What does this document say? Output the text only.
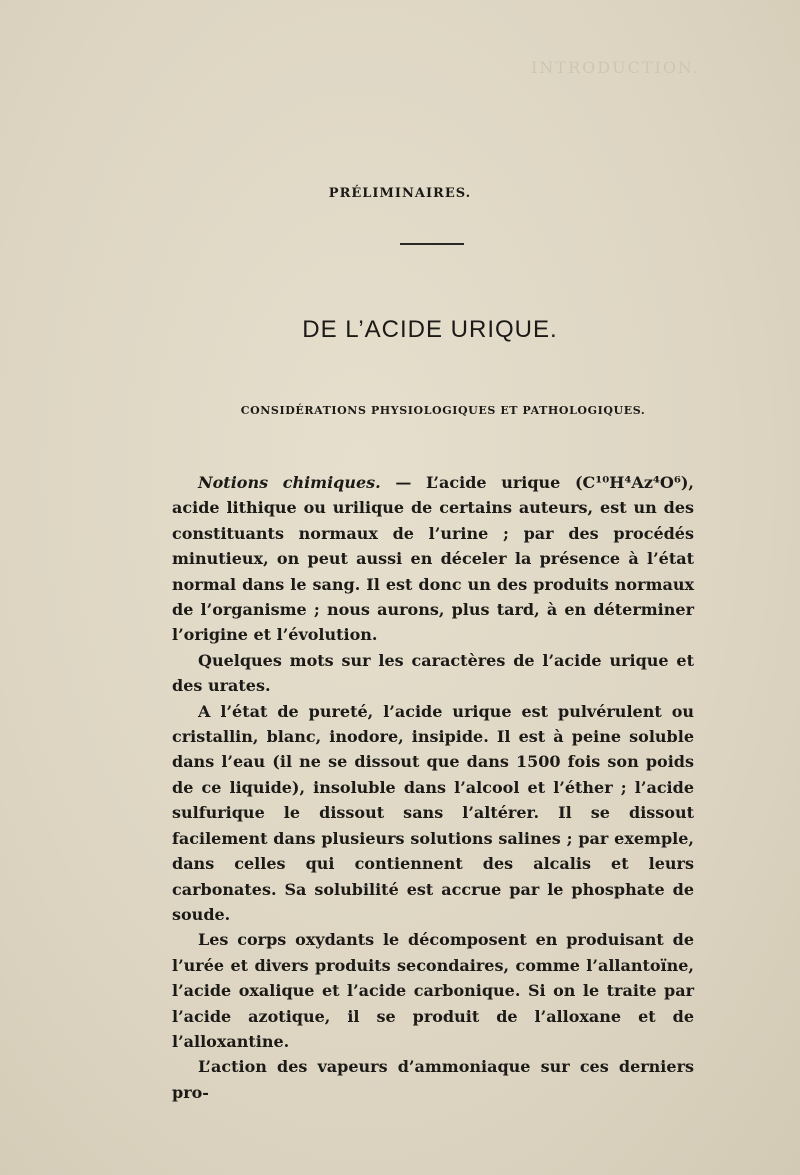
INTRODUCTION.
PRÉLIMINAIRES.
DE L’ACIDE URIQUE.
CONSIDÉRATIONS PHYSIOLOGIQUES ET PATHOLOGIQUES.

Notions chimiques. — L’acide urique (C¹⁰H⁴Az⁴O⁶), acide lithique ou urilique de certains auteurs, est un des constituants normaux de l’urine ; par des procédés minutieux, on peut aussi en déceler la présence à l’état normal dans le sang. Il est donc un des produits normaux de l’organisme ; nous aurons, plus tard, à en déterminer l’origine et l’évolution.

Quelques mots sur les caractères de l’acide urique et des urates.

A l’état de pureté, l’acide urique est pulvérulent ou cristallin, blanc, inodore, insipide. Il est à peine soluble dans l’eau (il ne se dissout que dans 1500 fois son poids de ce liquide), insoluble dans l’alcool et l’éther ; l’acide sulfurique le dissout sans l’altérer. Il se dissout facilement dans plusieurs solutions salines ; par exemple, dans celles qui contiennent des alcalis et leurs carbonates. Sa solubilité est accrue par le phosphate de soude.

Les corps oxydants le décomposent en produisant de l’urée et divers produits secondaires, comme l’allantoïne, l’acide oxalique et l’acide carbonique. Si on le traite par l’acide azotique, il se produit de l’alloxane et de l’alloxantine.

L’action des vapeurs d’ammoniaque sur ces derniers pro-
